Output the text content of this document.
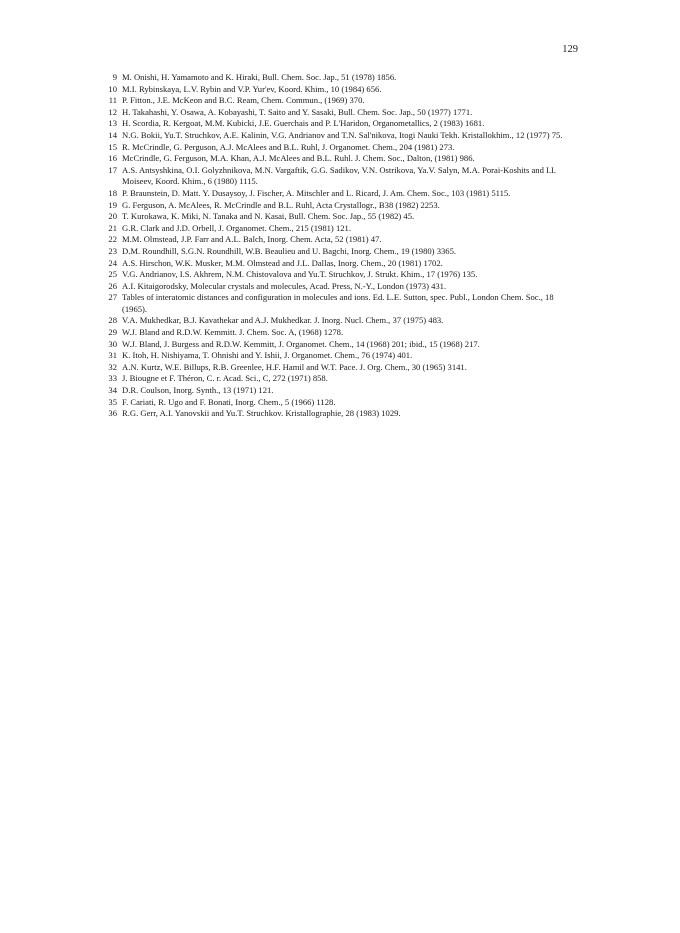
129
9 M. Onishi, H. Yamamoto and K. Hiraki, Bull. Chem. Soc. Jap., 51 (1978) 1856.
10 M.I. Rybinskaya, L.V. Rybin and V.P. Yur'ev, Koord. Khim., 10 (1984) 656.
11 P. Fitton., J.E. McKeon and B.C. Ream, Chem. Commun., (1969) 370.
12 H. Takahashi, Y. Osawa, A. Kobayashi, T. Saito and Y. Sasaki, Bull. Chem. Soc. Jap., 50 (1977) 1771.
13 H. Scordia, R. Kergoat, M.M. Kubicki, J.E. Guerchais and P. L'Haridon, Organometallics, 2 (1983) 1681.
14 N.G. Bokii, Yu.T. Struchkov, A.E. Kalinin, V.G. Andrianov and T.N. Sal'nikova, Itogi Nauki Tekh. Kristallokhim., 12 (1977) 75.
15 R. McCrindle, G. Perguson, A.J. McAlees and B.L. Ruhl, J. Organomet. Chem., 204 (1981) 273.
16 McCrindle, G. Ferguson, M.A. Khan, A.J. McAlees and B.L. Ruhl. J. Chem. Soc., Dalton, (1981) 986.
17 A.S. Antsyshkina, O.I. Golyzhnikova, M.N. Vargaftik, G.G. Sadikov, V.N. Ostrikova, Ya.V. Salyn, M.A. Porai-Koshits and I.I. Moiseev, Koord. Khim., 6 (1980) 1115.
18 P. Braunstein, D. Matt. Y. Dusaysoy, J. Fischer, A. Mitschler and L. Ricard, J. Am. Chem. Soc., 103 (1981) 5115.
19 G. Ferguson, A. McAlees, R. McCrindle and B.L. Ruhl, Acta Crystallogr., B38 (1982) 2253.
20 T. Kurokawa, K. Miki, N. Tanaka and N. Kasai, Bull. Chem. Soc. Jap., 55 (1982) 45.
21 G.R. Clark and J.D. Orbell, J. Organomet. Chem., 215 (1981) 121.
22 M.M. Olmstead, J.P. Farr and A.L. Balch, Inorg. Chem. Acta, 52 (1981) 47.
23 D.M. Roundhill, S.G.N. Roundhill, W.B. Beaulieu and U. Bagchi, Inorg. Chem., 19 (1980) 3365.
24 A.S. Hirschon, W.K. Musker, M.M. Olmstead and J.L. Dallas, Inorg. Chem., 20 (1981) 1702.
25 V.G. Andrianov, I.S. Akhrem, N.M. Chistovalova and Yu.T. Struchkov, J. Strukt. Khim., 17 (1976) 135.
26 A.I. Kitaigorodsky, Molecular crystals and molecules, Acad. Press, N.-Y., London (1973) 431.
27 Tables of interatomic distances and configuration in molecules and ions. Ed. L.E. Sutton, spec. Publ., London Chem. Soc., 18 (1965).
28 V.A. Mukhedkar, B.J. Kavathekar and A.J. Mukhedkar. J. Inorg. Nucl. Chem., 37 (1975) 483.
29 W.J. Bland and R.D.W. Kemmitt. J. Chem. Soc. A, (1968) 1278.
30 W.J. Bland, J. Burgess and R.D.W. Kemmitt, J. Organomet. Chem., 14 (1968) 201; ibid., 15 (1968) 217.
31 K. Itoh, H. Nishiyama, T. Ohnishi and Y. Ishii, J. Organomet. Chem., 76 (1974) 401.
32 A.N. Kurtz, W.E. Billups, R.B. Greenlee, H.F. Hamil and W.T. Pace. J. Org. Chem., 30 (1965) 3141.
33 J. Biougne et F. Théron, C. r. Acad. Sci., C, 272 (1971) 858.
34 D.R. Coulson, Inorg. Synth., 13 (1971) 121.
35 F. Cariati, R. Ugo and F. Bonati, Inorg. Chem., 5 (1966) 1128.
36 R.G. Gerr, A.I. Yanovskii and Yu.T. Struchkov. Kristallographie, 28 (1983) 1029.
